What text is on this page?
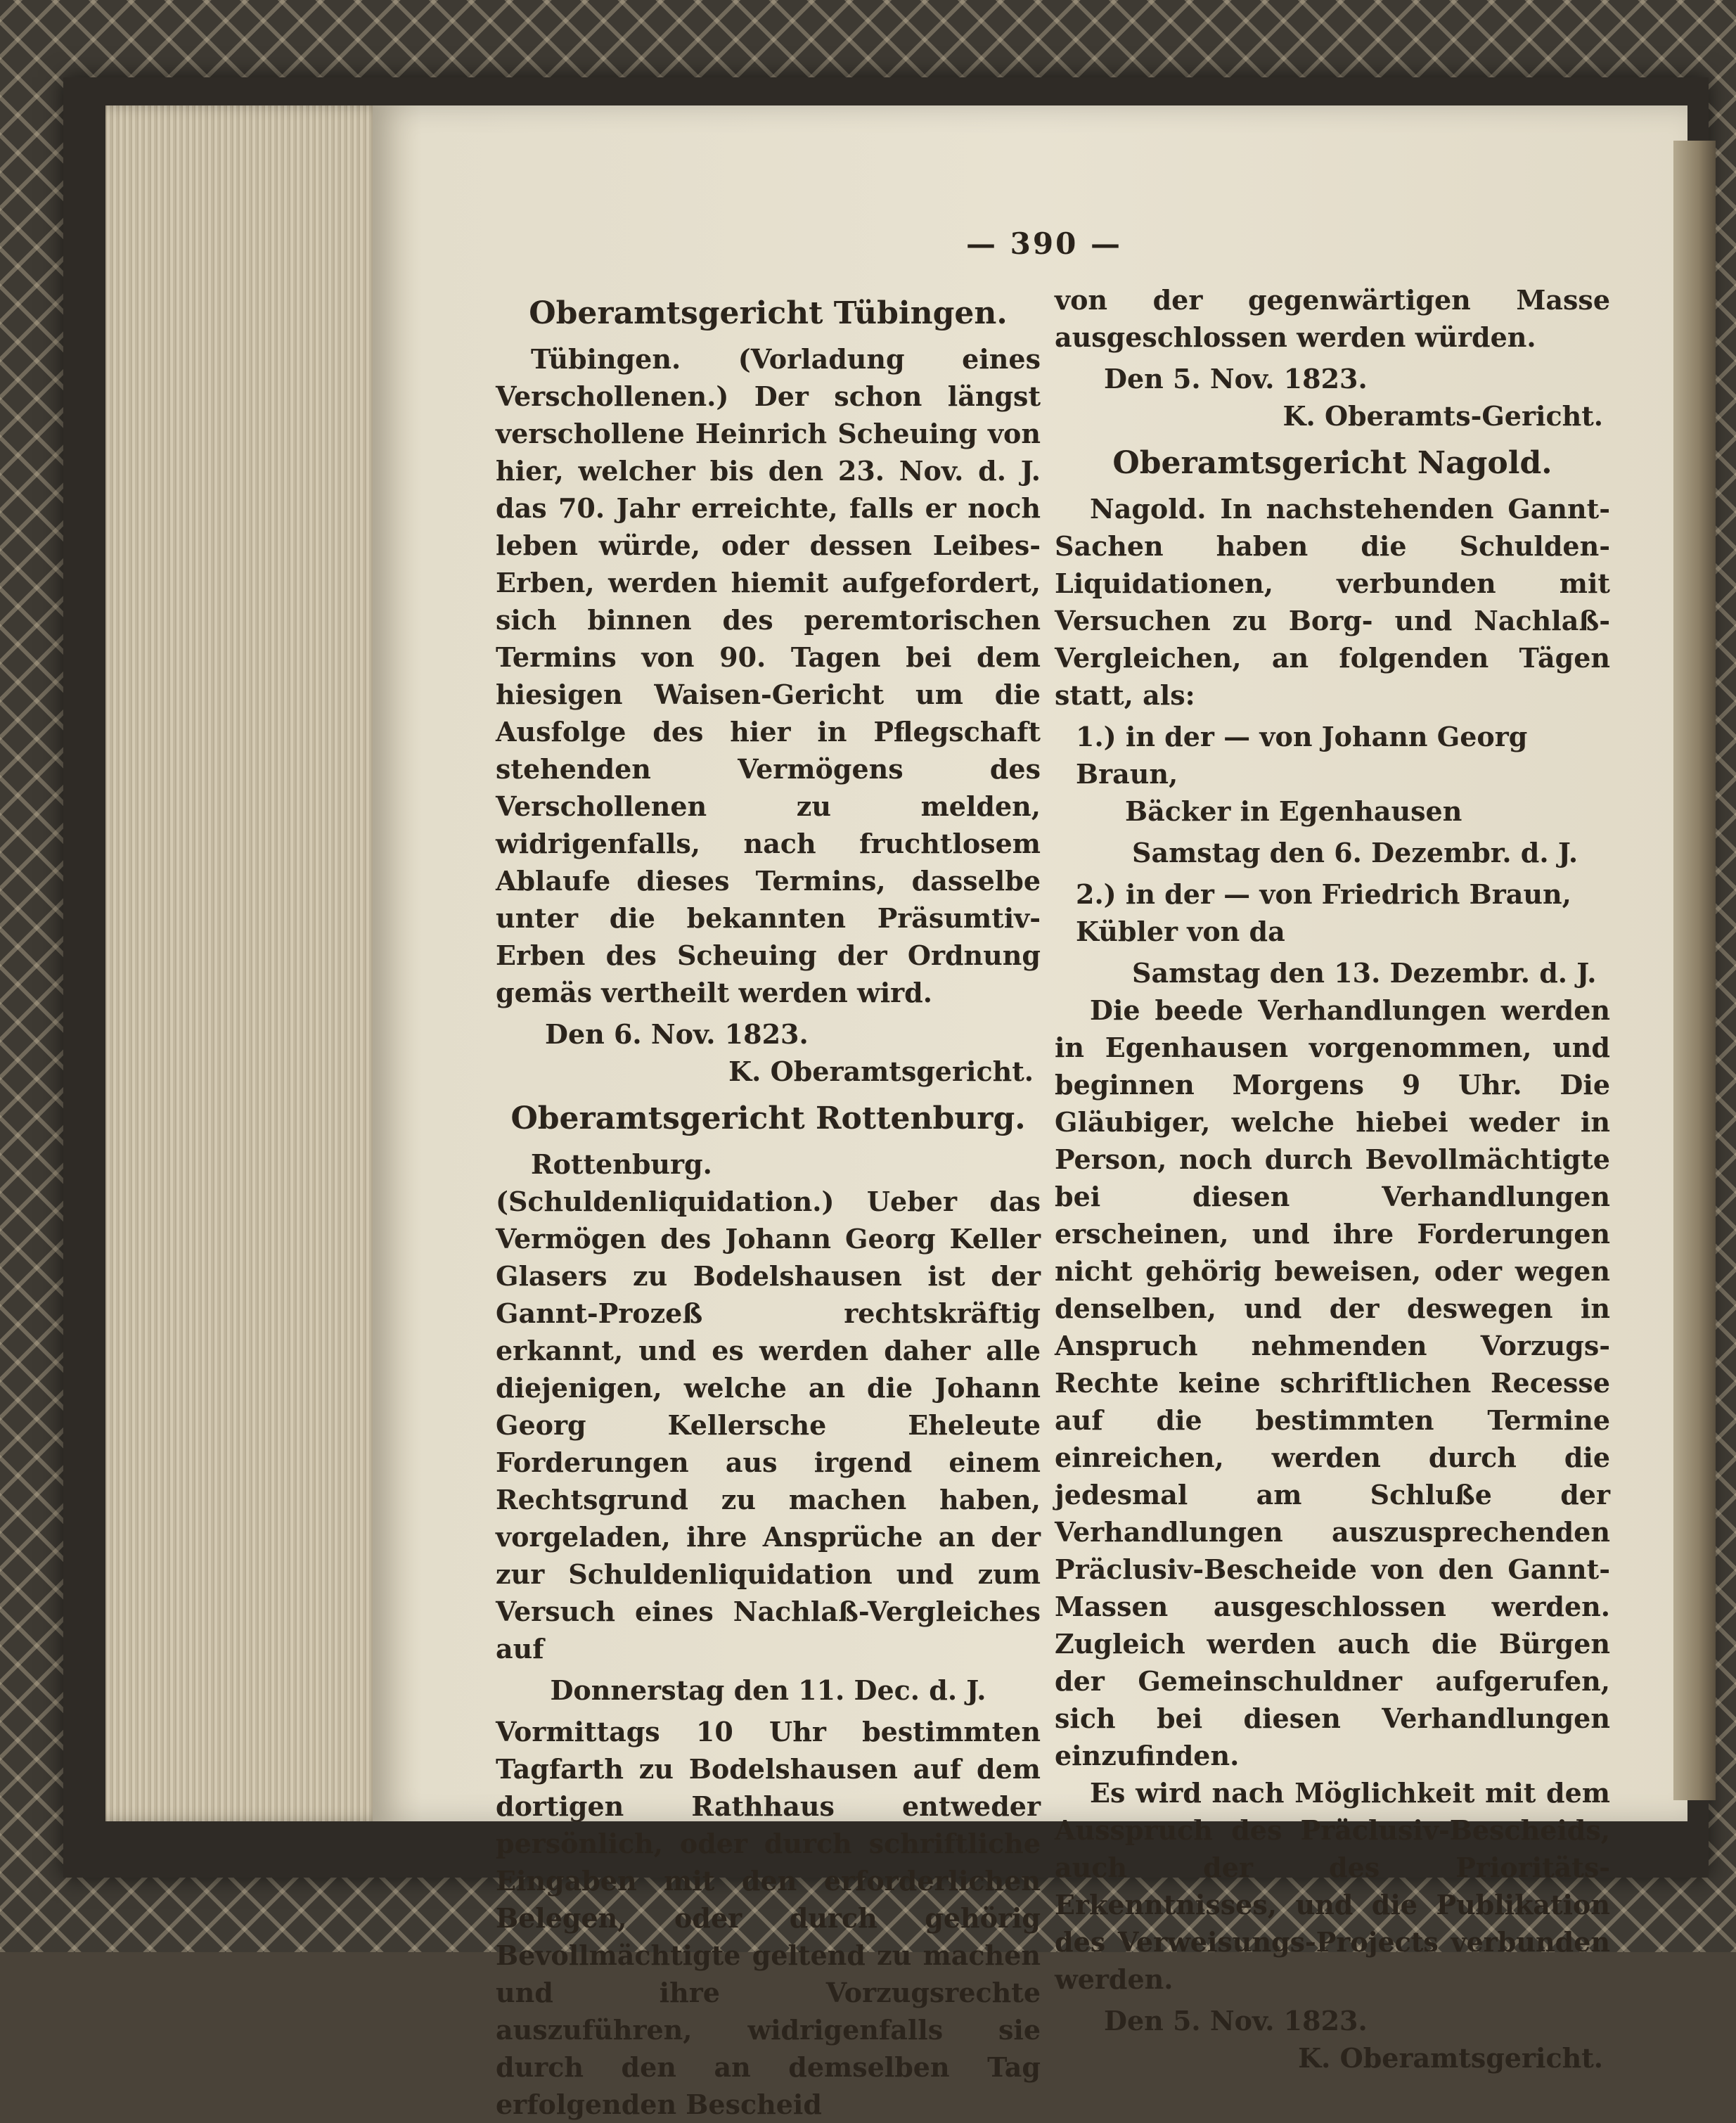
— 390 —
Oberamtsgericht Tübingen.

Tübingen. (Vorladung eines Verschollenen.) Der schon längst verschollene Heinrich Scheuing von hier, welcher bis den 23. Nov. d. J. das 70. Jahr erreichte, falls er noch leben würde, oder dessen Leibes-Erben, werden hiemit aufgefordert, sich binnen des peremtorischen Termins von 90. Tagen bei dem hiesigen Waisen-Gericht um die Ausfolge des hier in Pflegschaft stehenden Vermögens des Verschollenen zu melden, widrigenfalls, nach fruchtlosem Ablaufe dieses Termins, dasselbe unter die bekannten Präsumtiv-Erben des Scheuing der Ordnung gemäs vertheilt werden wird.

Den 6. Nov. 1823.
K. Oberamtsgericht.
Oberamtsgericht Rottenburg.

Rottenburg. (Schuldenliquidation.) Ueber das Vermögen des Johann Georg Keller Glasers zu Bodelshausen ist der Gannt-Prozeß rechtskräftig erkannt, und es werden daher alle diejenigen, welche an die Johann Georg Kellersche Eheleute Forderungen aus irgend einem Rechtsgrund zu machen haben, vorgeladen, ihre Ansprüche an der zur Schuldenliquidation und zum Versuch eines Nachlaß-Vergleiches auf

Donnerstag den 11. Dec. d. J.

Vormittags 10 Uhr bestimmten Tagfarth zu Bodelshausen auf dem dortigen Rathhaus entweder persönlich, oder durch schriftliche Eingaben mit den erforderlichen Belegen, oder durch gehörig Bevollmächtigte geltend zu machen und ihre Vorzugsrechte auszuführen, widrigenfalls sie durch den an demselben Tag erfolgenden Bescheid

von der gegenwärtigen Masse ausgeschlossen werden würden.

Den 5. Nov. 1823.
K. Oberamts-Gericht.
Oberamtsgericht Nagold.

Nagold. In nachstehenden Gannt-Sachen haben die Schulden-Liquidationen, verbunden mit Versuchen zu Borg- und Nachlaß-Vergleichen, an folgenden Tägen statt, als:

1.) in der — von Johann Georg Braun,
Bäcker in Egenhausen
Samstag den 6. Dezembr. d. J.
2.) in der — von Friedrich Braun, Kübler von da
Samstag den 13. Dezembr. d. J.

Die beede Verhandlungen werden in Egenhausen vorgenommen, und beginnen Morgens 9 Uhr. Die Gläubiger, welche hiebei weder in Person, noch durch Bevollmächtigte bei diesen Verhandlungen erscheinen, und ihre Forderungen nicht gehörig beweisen, oder wegen denselben, und der deswegen in Anspruch nehmenden Vorzugs-Rechte keine schriftlichen Recesse auf die bestimmten Termine einreichen, werden durch die jedesmal am Schluße der Verhandlungen auszusprechenden Präclusiv-Bescheide von den Gannt-Massen ausgeschlossen werden. Zugleich werden auch die Bürgen der Gemeinschuldner aufgerufen, sich bei diesen Verhandlungen einzufinden.

Es wird nach Möglichkeit mit dem Ausspruch des Präclusiv-Bescheids, auch der des Prioritäts-Erkenntnisses, und die Publikation des Verweisungs-Projects verbunden werden.

Den 5. Nov. 1823.
K. Oberamtsgericht.
